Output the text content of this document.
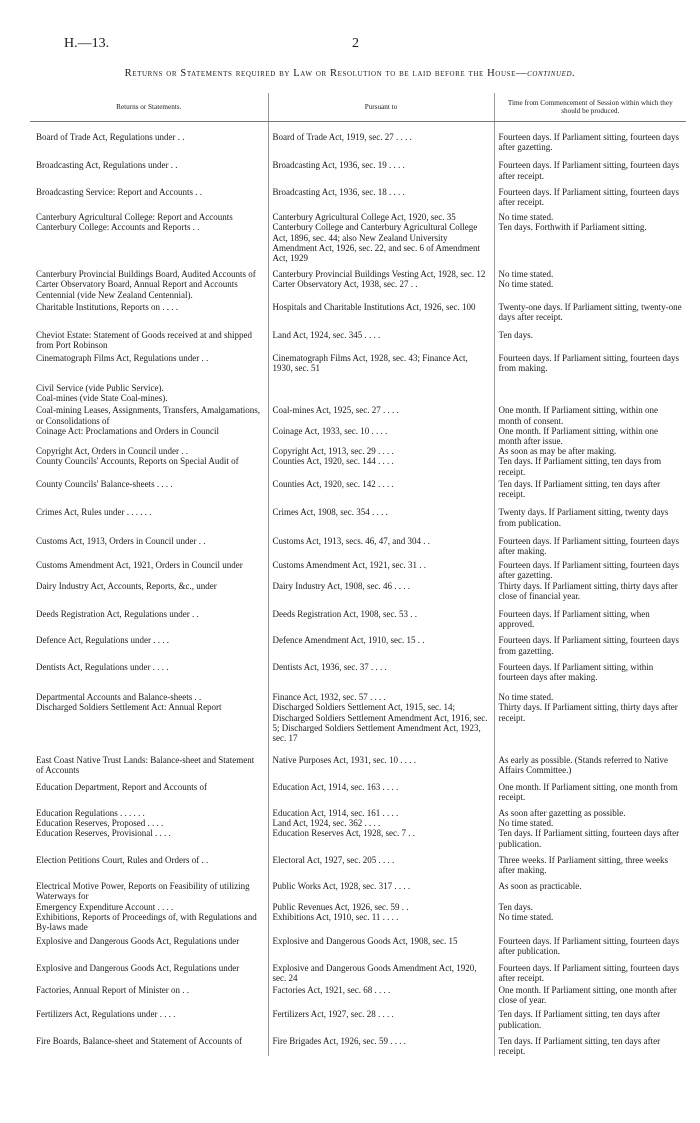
H.—13.	2
Returns or Statements required by Law or Resolution to be laid before the House—continued.
Returns or Statements.	Pursuant to	Time from Commencement of Session within which they should be produced.

Board of Trade Act, Regulations under . .	Board of Trade Act, 1919, sec. 27 . . . .	Fourteen days. If Parliament sitting, fourteen days after gazetting.
Broadcasting Act, Regulations under . .	Broadcasting Act, 1936, sec. 19 . . . .	Fourteen days. If Parliament sitting, fourteen days after receipt.
Broadcasting Service: Report and Accounts . .	Broadcasting Act, 1936, sec. 18 . . . .	Fourteen days. If Parliament sitting, fourteen days after receipt.
Canterbury Agricultural College: Report and Accounts	Canterbury Agricultural College Act, 1920, sec. 35	No time stated.
Canterbury College: Accounts and Reports . .	Canterbury College and Canterbury Agricultural College Act, 1896, sec. 44; also New Zealand University Amendment Act, 1926, sec. 22, and sec. 6 of Amendment Act, 1929	Ten days. Forthwith if Parliament sitting.
Canterbury Provincial Buildings Board, Audited Accounts of	Canterbury Provincial Buildings Vesting Act, 1928, sec. 12	No time stated.
Carter Observatory Board, Annual Report and Accounts	Carter Observatory Act, 1938, sec. 27 . .	No time stated.
Centennial (vide New Zealand Centennial).		
Charitable Institutions, Reports on . . . .	Hospitals and Charitable Institutions Act, 1926, sec. 100	Twenty-one days. If Parliament sitting, twenty-one days after receipt.
Cheviot Estate: Statement of Goods received at and shipped from Port Robinson	Land Act, 1924, sec. 345 . . . .	Ten days.
Cinematograph Films Act, Regulations under . .	Cinematograph Films Act, 1928, sec. 43; Finance Act, 1930, sec. 51	Fourteen days. If Parliament sitting, fourteen days from making.
Civil Service (vide Public Service).		
Coal-mines (vide State Coal-mines).		
Coal-mining Leases, Assignments, Transfers, Amalgamations, or Consolidations of	Coal-mines Act, 1925, sec. 27 . . . .	One month. If Parliament sitting, within one month of consent.
Coinage Act: Proclamations and Orders in Council	Coinage Act, 1933, sec. 10 . . . .	One month. If Parliament sitting, within one month after issue.
Copyright Act, Orders in Council under . .	Copyright Act, 1913, sec. 29 . . . .	As soon as may be after making.
County Councils' Accounts, Reports on Special Audit of	Counties Act, 1920, sec. 144 . . . .	Ten days. If Parliament sitting, ten days from receipt.
County Councils' Balance-sheets . . . .	Counties Act, 1920, sec. 142 . . . .	Ten days. If Parliament sitting, ten days after receipt.
Crimes Act, Rules under . . . . . .	Crimes Act, 1908, sec. 354 . . . .	Twenty days. If Parliament sitting, twenty days from publication.
Customs Act, 1913, Orders in Council under . .	Customs Act, 1913, secs. 46, 47, and 304 . .	Fourteen days. If Parliament sitting, fourteen days after making.
Customs Amendment Act, 1921, Orders in Council under	Customs Amendment Act, 1921, sec. 31 . .	Fourteen days. If Parliament sitting, fourteen days after gazetting.
Dairy Industry Act, Accounts, Reports, &c., under	Dairy Industry Act, 1908, sec. 46 . . . .	Thirty days. If Parliament sitting, thirty days after close of financial year.
Deeds Registration Act, Regulations under . .	Deeds Registration Act, 1908, sec. 53 . .	Fourteen days. If Parliament sitting, when approved.
Defence Act, Regulations under . . . .	Defence Amendment Act, 1910, sec. 15 . .	Fourteen days. If Parliament sitting, fourteen days from gazetting.
Dentists Act, Regulations under . . . .	Dentists Act, 1936, sec. 37 . . . .	Fourteen days. If Parliament sitting, within fourteen days after making.
Departmental Accounts and Balance-sheets . .	Finance Act, 1932, sec. 57 . . . .	No time stated.
Discharged Soldiers Settlement Act: Annual Report	Discharged Soldiers Settlement Act, 1915, sec. 14; Discharged Soldiers Settlement Amendment Act, 1916, sec. 5; Discharged Soldiers Settlement Amendment Act, 1923, sec. 17	Thirty days. If Parliament sitting, thirty days after receipt.
East Coast Native Trust Lands: Balance-sheet and Statement of Accounts	Native Purposes Act, 1931, sec. 10 . . . .	As early as possible. (Stands referred to Native Affairs Committee.)
Education Department, Report and Accounts of	Education Act, 1914, sec. 163 . . . .	One month. If Parliament sitting, one month from receipt.
Education Regulations . . . . . .	Education Act, 1914, sec. 161 . . . .	As soon after gazetting as possible.
Education Reserves, Proposed . . . .	Land Act, 1924, sec. 362 . . . .	No time stated.
Education Reserves, Provisional . . . .	Education Reserves Act, 1928, sec. 7 . .	Ten days. If Parliament sitting, fourteen days after publication.
Election Petitions Court, Rules and Orders of . .	Electoral Act, 1927, sec. 205 . . . .	Three weeks. If Parliament sitting, three weeks after making.
Electrical Motive Power, Reports on Feasibility of utilizing Waterways for	Public Works Act, 1928, sec. 317 . . . .	As soon as practicable.
Emergency Expenditure Account . . . .	Public Revenues Act, 1926, sec. 59 . .	Ten days.
Exhibitions, Reports of Proceedings of, with Regulations and By-laws made	Exhibitions Act, 1910, sec. 11 . . . .	No time stated.
Explosive and Dangerous Goods Act, Regulations under	Explosive and Dangerous Goods Act, 1908, sec. 15	Fourteen days. If Parliament sitting, fourteen days after publication.
Explosive and Dangerous Goods Act, Regulations under	Explosive and Dangerous Goods Amendment Act, 1920, sec. 24	Fourteen days. If Parliament sitting, fourteen days after receipt.
Factories, Annual Report of Minister on . .	Factories Act, 1921, sec. 68 . . . .	One month. If Parliament sitting, one month after close of year.
Fertilizers Act, Regulations under . . . .	Fertilizers Act, 1927, sec. 28 . . . .	Ten days. If Parliament sitting, ten days after publication.
Fire Boards, Balance-sheet and Statement of Accounts of	Fire Brigades Act, 1926, sec. 59 . . . .	Ten days. If Parliament sitting, ten days after receipt.
